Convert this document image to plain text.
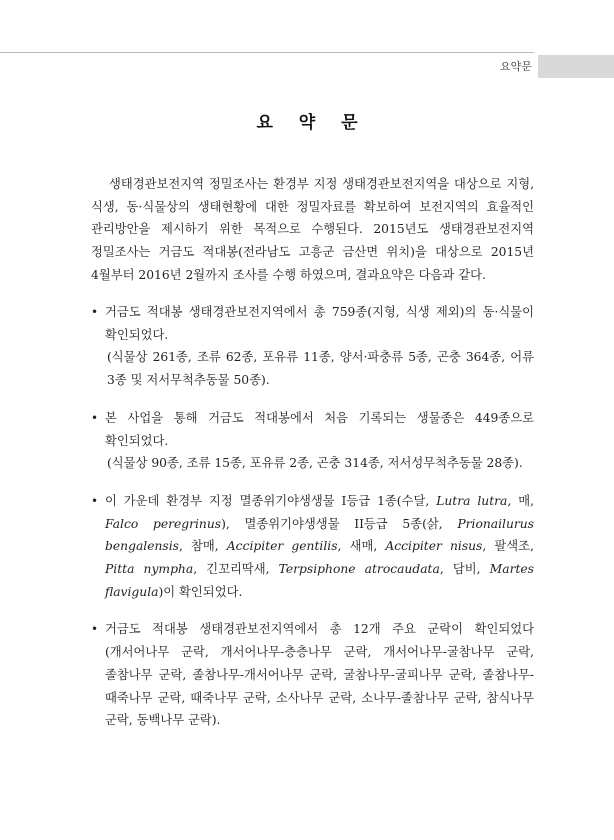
요약문
요 약 문

생태경관보전지역 정밀조사는 환경부 지정 생태경관보전지역을 대상으로 지형, 식생, 동·식물상의 생태현황에 대한 정밀자료를 확보하여 보전지역의 효율적인 관리방안을 제시하기 위한 목적으로 수행된다. 2015년도 생태경관보전지역 정밀조사는 거금도 적대봉(전라남도 고흥군 금산면 위치)을 대상으로 2015년 4월부터 2016년 2월까지 조사를 수행 하였으며, 결과요약은 다음과 같다.

• 거금도 적대봉 생태경관보전지역에서 총 759종(지형, 식생 제외)의 동·식물이 확인되었다.
(식물상 261종, 조류 62종, 포유류 11종, 양서·파충류 5종, 곤충 364종, 어류 3종 및 저서무척추동물 50종).
• 본 사업을 통해 거금도 적대봉에서 처음 기록되는 생물종은 449종으로 확인되었다.
(식물상 90종, 조류 15종, 포유류 2종, 곤충 314종, 저서성무척추동물 28종).
• 이 가운데 환경부 지정 멸종위기야생생물 I등급 1종(수달, Lutra lutra, 매, Falco peregrinus), 멸종위기야생생물 II등급 5종(삵, Prionailurus bengalensis, 참매, Accipiter gentilis, 새매, Accipiter nisus, 팔색조, Pitta nympha, 긴꼬리딱새, Terpsiphone atrocaudata, 담비, Martes flavigula)이 확인되었다.
• 거금도 적대봉 생태경관보전지역에서 총 12개 주요 군락이 확인되었다(개서어나무 군락, 개서어나무-층층나무 군락, 개서어나무-굴참나무 군락, 졸참나무 군락, 졸참나무-개서어나무 군락, 굴참나무-굴피나무 군락, 졸참나무-때죽나무 군락, 때죽나무 군락, 소사나무 군락, 소나무-졸참나무 군락, 참식나무 군락, 동백나무 군락).
